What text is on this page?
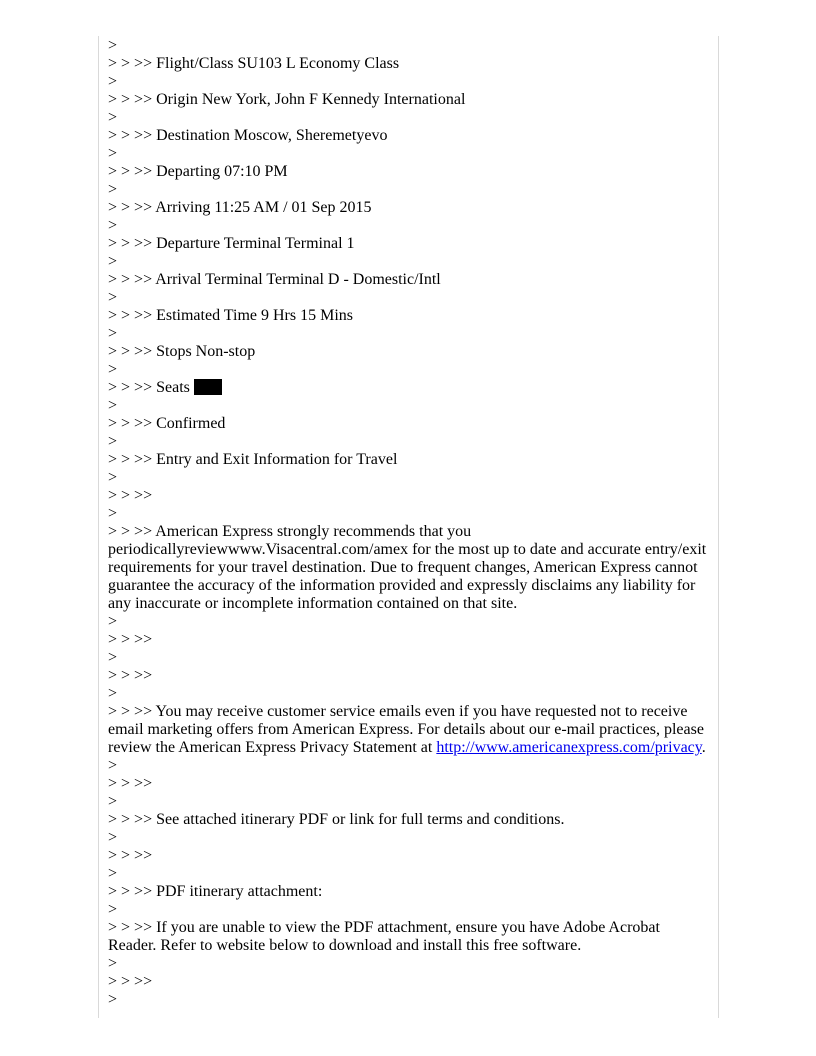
>
> > >> Flight/Class SU103 L Economy Class
>
> > >> Origin New York, John F Kennedy International
>
> > >> Destination Moscow, Sheremetyevo
>
> > >> Departing 07:10 PM
>
> > >> Arriving 11:25 AM / 01 Sep 2015
>
> > >> Departure Terminal Terminal 1
>
> > >> Arrival Terminal Terminal D - Domestic/Intl
>
> > >> Estimated Time 9 Hrs 15 Mins
>
> > >> Stops Non-stop
>
> > >> Seats
>
> > >> Confirmed
>
> > >> Entry and Exit Information for Travel
>
> > >>
>
> > >> American Express strongly recommends that you periodicallyreviewwww.Visacentral.com/amex for the most up to date and accurate entry/exit requirements for your travel destination. Due to frequent changes, American Express cannot guarantee the accuracy of the information provided and expressly disclaims any liability for any inaccurate or incomplete information contained on that site.
>
> > >>
>
> > >>
>
> > >> You may receive customer service emails even if you have requested not to receive email marketing offers from American Express. For details about our e-mail practices, please review the American Express Privacy Statement at http://www.americanexpress.com/privacy.
>
> > >>
>
> > >> See attached itinerary PDF or link for full terms and conditions.
>
> > >>
>
> > >> PDF itinerary attachment:
>
> > >> If you are unable to view the PDF attachment, ensure you have Adobe Acrobat Reader. Refer to website below to download and install this free software.
>
> > >>
>
